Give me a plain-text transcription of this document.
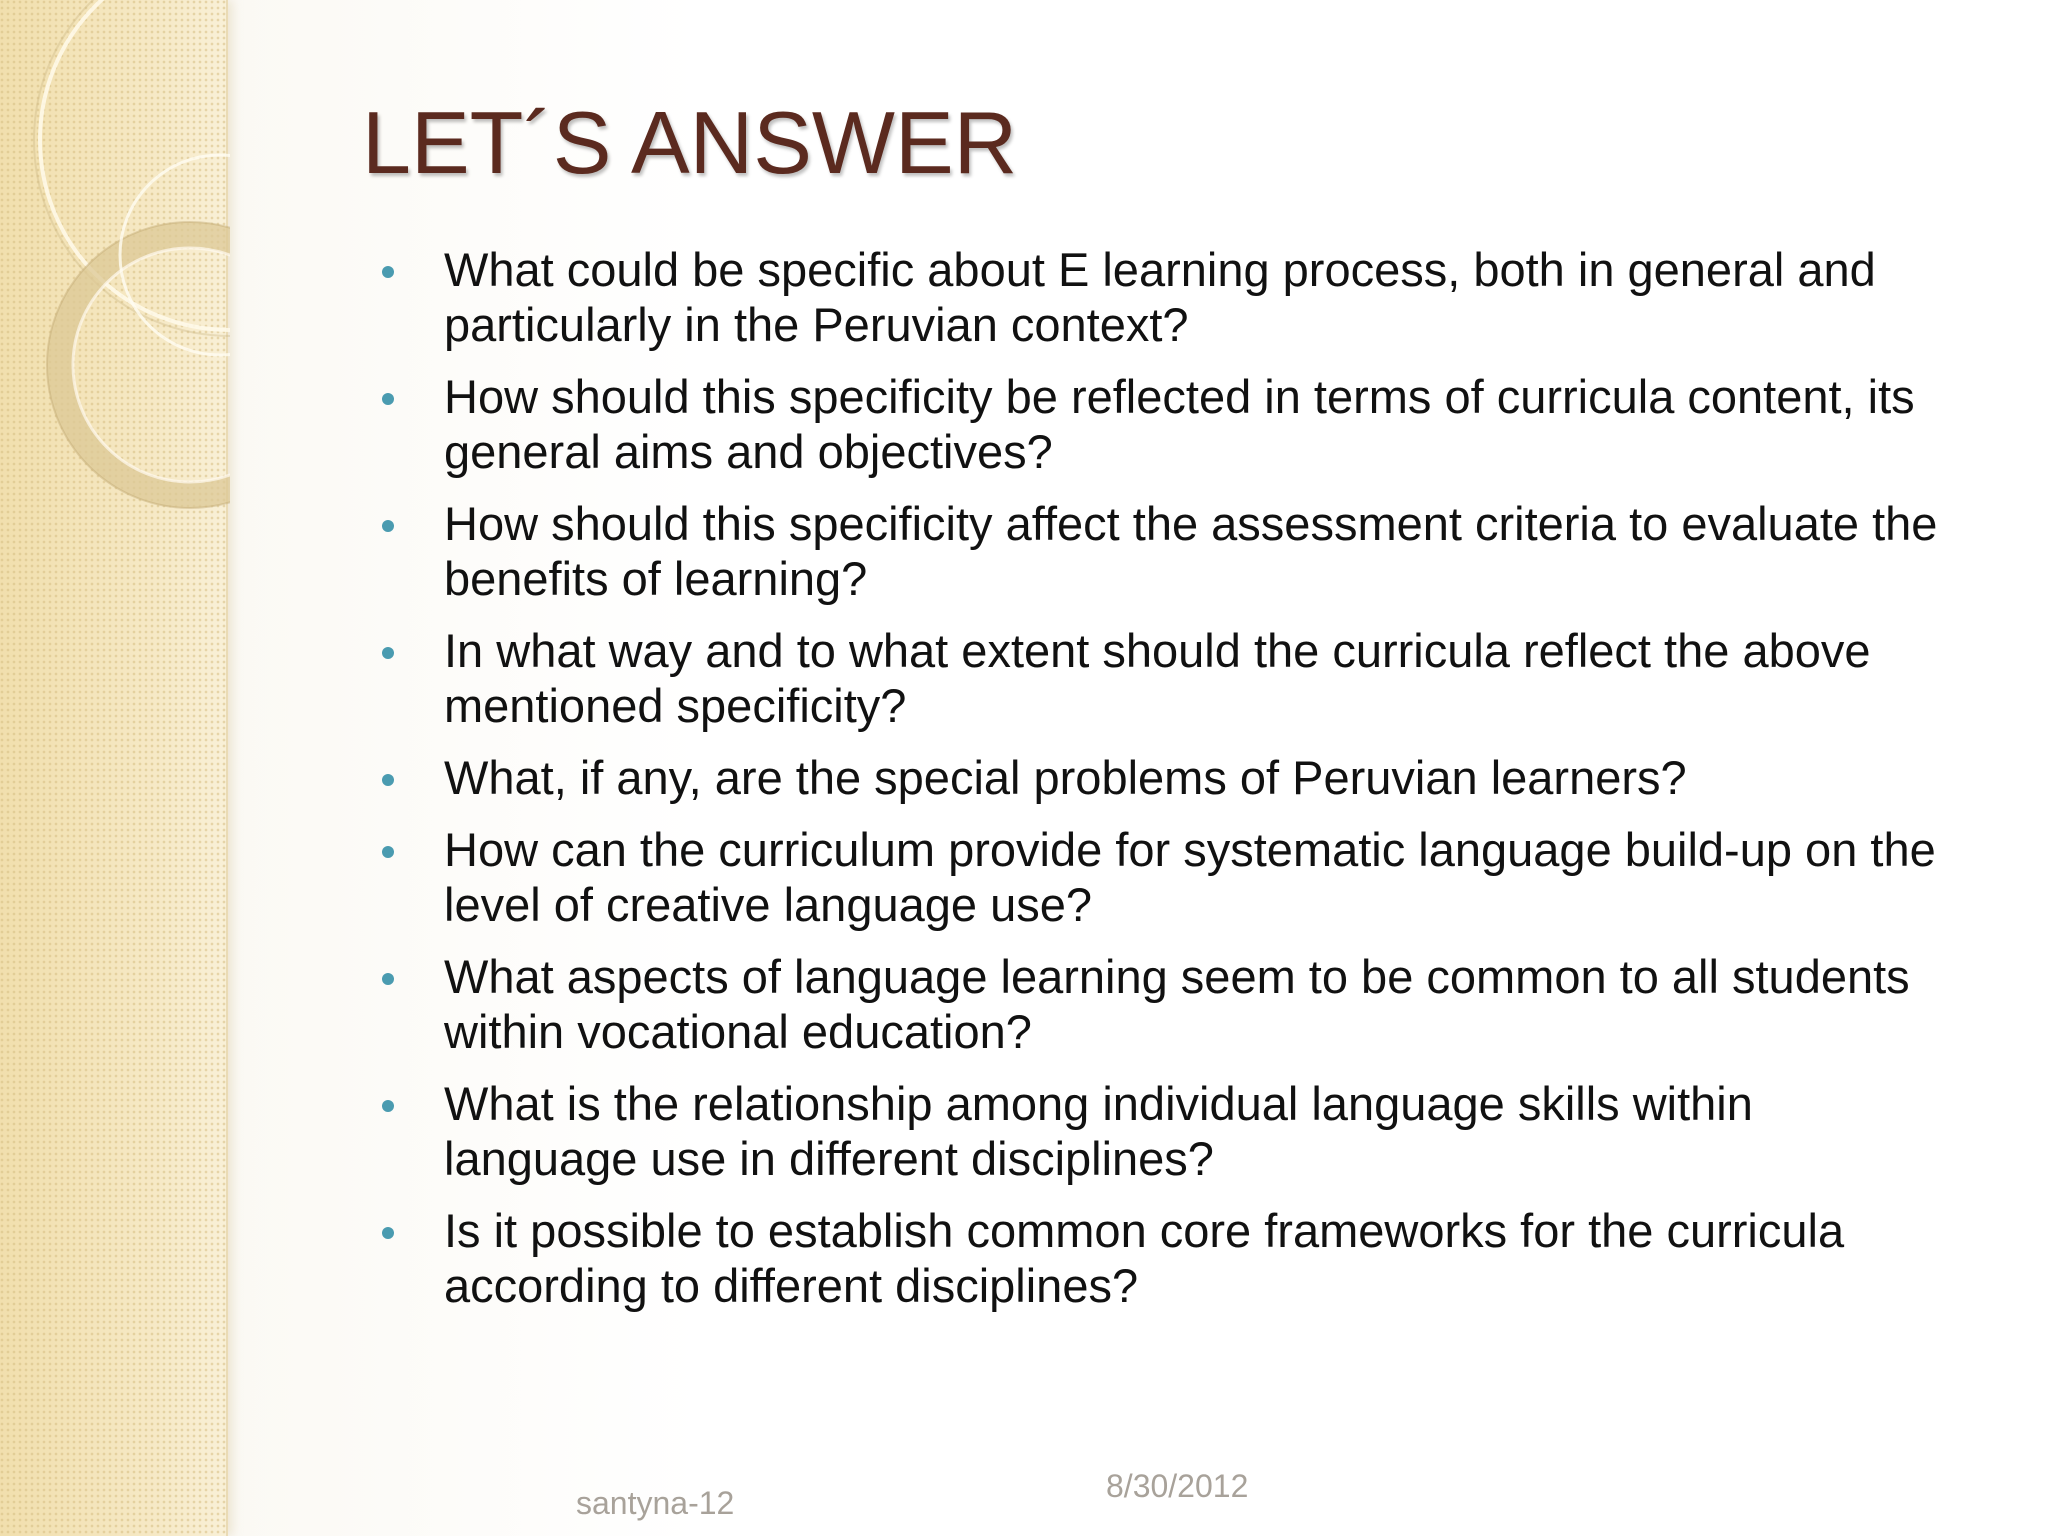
LET´S ANSWER
What could be specific about E learning process, both in general and particularly in the Peruvian context?
How should this specificity be reflected in terms of curricula content, its general aims and objectives?
How should this specificity affect the assessment criteria to evaluate the benefits of learning?
In what way and to what extent should the curricula reflect the above mentioned specificity?
What, if any, are the special problems of Peruvian learners?
How can the curriculum provide for systematic language build-up on the level of creative language use?
What aspects of language learning seem to be common to all students within vocational education?
What is the relationship among individual language skills within language use in different disciplines?
Is it possible to establish common core frameworks for the curricula according to different disciplines?
santyna-12	8/30/2012
